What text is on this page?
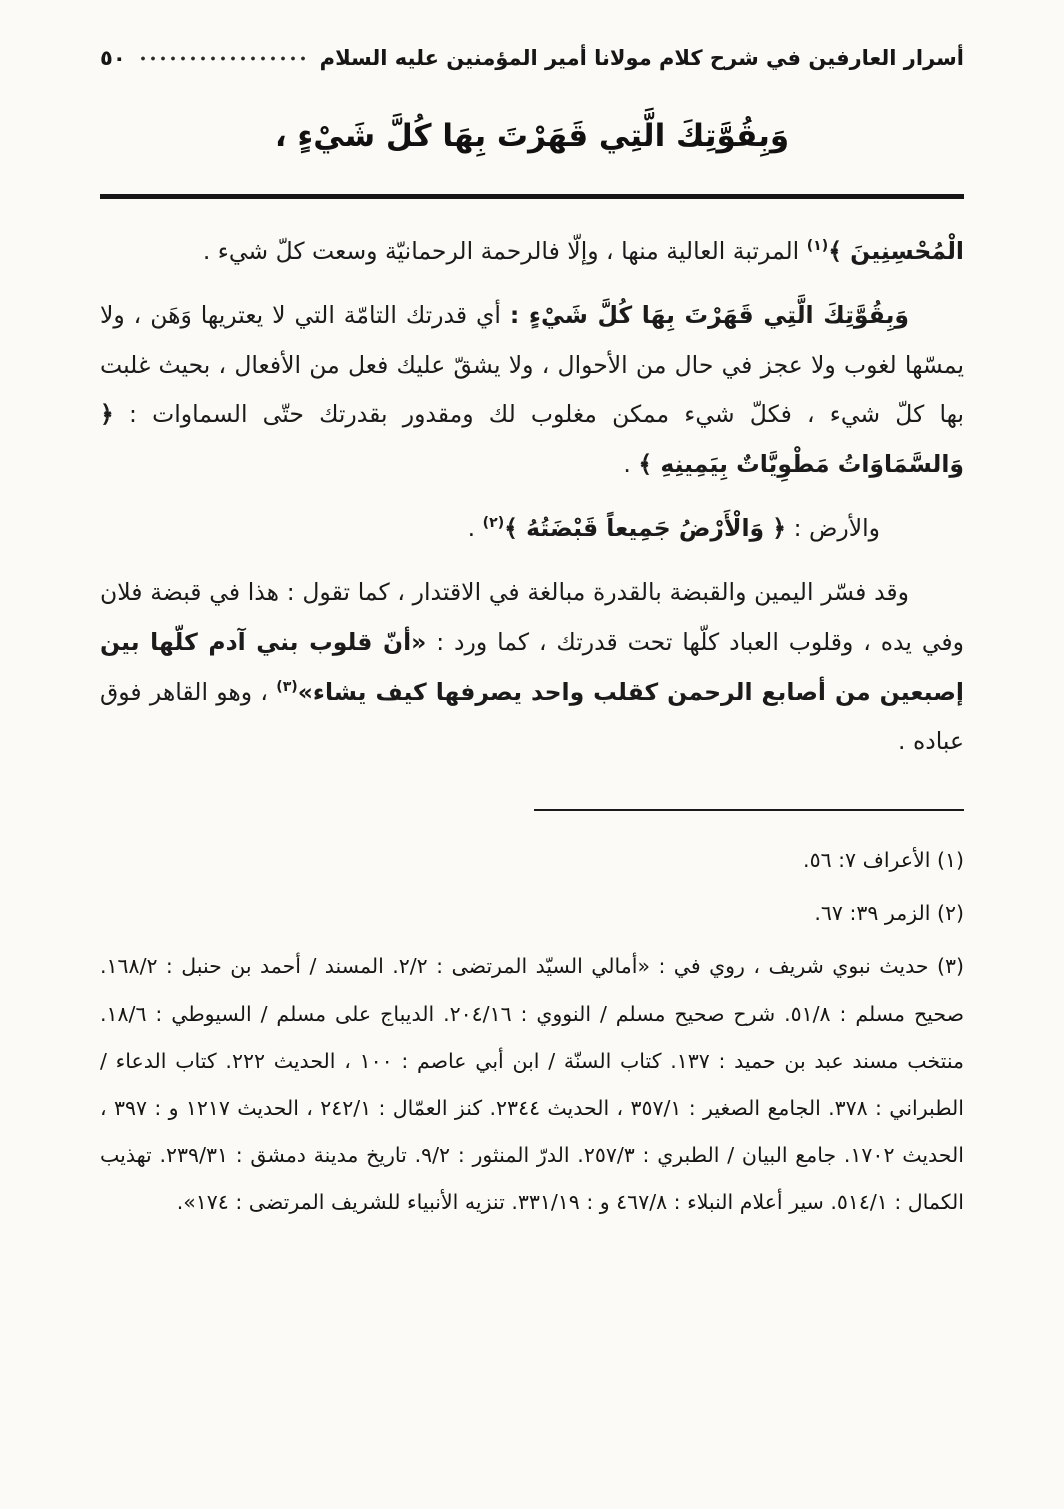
أسرار العارفين في شرح كلام مولانا أمير المؤمنين عليه السلام
٥٠
وَبِقُوَّتِكَ الَّتِي قَهَرْتَ بِهَا كُلَّ شَيْءٍ ،

الْمُحْسِنِينَ ﴾$^{(١)}$ المرتبة العالية منها ، وإلّا فالرحمة الرحمانيّة وسعت كلّ شيء .

وَبِقُوَّتِكَ الَّتِي قَهَرْتَ بِهَا كُلَّ شَيْءٍ : أي قدرتك التامّة التي لا يعتريها وَهَن ، ولا يمسّها لغوب ولا عجز في حال من الأحوال ، ولا يشقّ عليك فعل من الأفعال ، بحيث غلبت بها كلّ شيء ، فكلّ شيء ممكن مغلوب لك ومقدور بقدرتك حتّى السماوات : ﴿ وَالسَّمَاوَاتُ مَطْوِيَّاتٌ بِيَمِينِهِ ﴾ .

والأرض : ﴿ وَالْأَرْضُ جَمِيعاً قَبْضَتُهُ ﴾$^{(٢)}$ .

وقد فسّر اليمين والقبضة بالقدرة مبالغة في الاقتدار ، كما تقول : هذا في قبضة فلان وفي يده ، وقلوب العباد كلّها تحت قدرتك ، كما ورد : «أنّ قلوب بني آدم كلّها بين إصبعين من أصابع الرحمن كقلب واحد يصرفها كيف يشاء»$^{(٣)}$ ، وهو القاهر فوق عباده .

(١) الأعراف ٧: ٥٦.

(٢) الزمر ٣٩: ٦٧.

(٣) حديث نبوي شريف ، روي في : «أمالي السيّد المرتضى : ٢/٢. المسند / أحمد بن حنبل : ١٦٨/٢. صحيح مسلم : ٥١/٨. شرح صحيح مسلم / النووي : ٢٠٤/١٦. الديباج على مسلم / السيوطي : ١٨/٦. منتخب مسند عبد بن حميد : ١٣٧. كتاب السنّة / ابن أبي عاصم : ١٠٠ ، الحديث ٢٢٢. كتاب الدعاء / الطبراني : ٣٧٨. الجامع الصغير : ٣٥٧/١ ، الحديث ٢٣٤٤. كنز العمّال : ٢٤٢/١ ، الحديث ١٢١٧ و : ٣٩٧ ، الحديث ١٧٠٢. جامع البيان / الطبري : ٢٥٧/٣. الدرّ المنثور : ٩/٢. تاريخ مدينة دمشق : ٢٣٩/٣١. تهذيب الكمال : ٥١٤/١. سير أعلام النبلاء : ٤٦٧/٨ و : ٣٣١/١٩. تنزيه الأنبياء للشريف المرتضى : ١٧٤».
